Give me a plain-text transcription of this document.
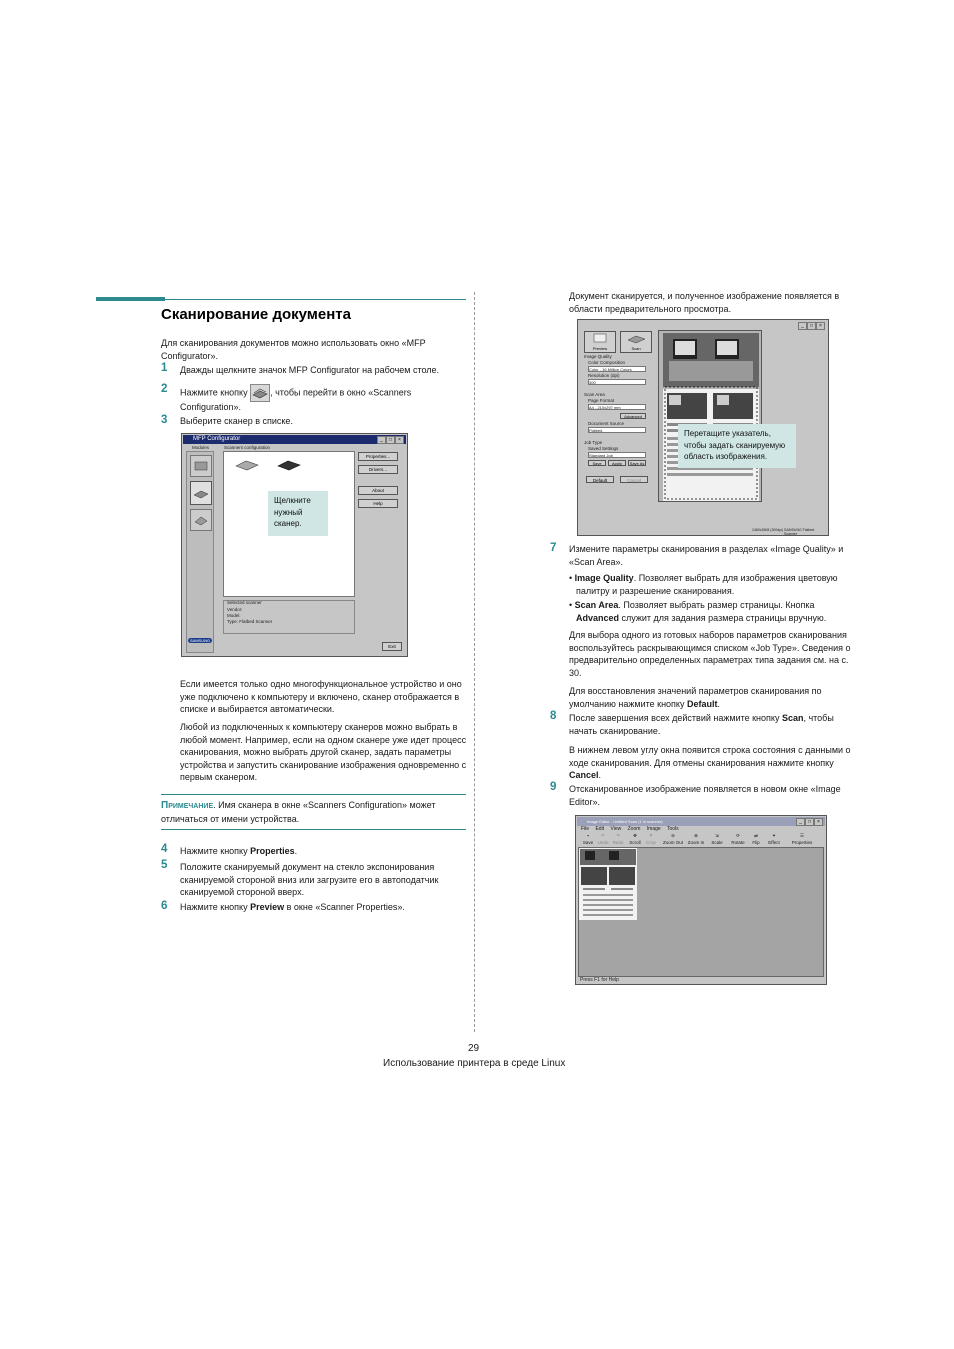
Сканирование документа
Для сканирования документов можно использовать окно «MFP Configurator».
1 Дважды щелкните значок MFP Configurator на рабочем столе.
2 Нажмите кнопку	, чтобы перейти в окно «Scanners
Configuration».
3 Выберите сканер в списке.
MFP Configurator	_	□	×
Modules	Scanners configuration
SAMSUNG
Щелкните
нужный
сканер.
Properties...
Drivers...
About
Help
Selected scanner
Vendor:
Model:
Type: Flatbed Scanner
Exit
Если имеется только одно многофункциональное устройство и оно уже подключено к компьютеру и включено, сканер отображается в списке и выбирается автоматически.
Любой из подключенных к компьютеру сканеров можно выбрать в любой момент. Например, если на одном сканере уже идет процесс сканирования, можно выбрать другой сканер, задать параметры устройства и запустить сканирование изображения одновременно с первым сканером.
Примечание. Имя сканера в окне «Scanners Configuration» может отличаться от имени устройства.
4 Нажмите кнопку Properties.
5 Положите сканируемый документ на стекло экспонирования сканируемой стороной вниз или загрузите его в автоподатчик сканируемой стороной вверх.
6 Нажмите кнопку Preview в окне «Scanner Properties».
Документ сканируется, и полученное изображение появляется в области предварительного просмотра.
_	□	×
Preview	Scan
Image Quality
Color Composition
Color - 16 Million Colors
Resolution (dpi)
300
Scan Area
Page Format
A4 - 210x297 mm
Advanced
Document Source
Flatbed
Job Type
Saved Settings
Standard Job
Save	Apply	Save As
Default	Cancel
Перетащите указатель,
чтобы задать сканируемую
область изображения.
2480x3508 (300dpi) SAMSUNG Flatbed Scanner
7 Измените параметры сканирования в разделах «Image Quality» и «Scan Area».
• Image Quality. Позволяет выбрать для изображения цветовую палитру и разрешение сканирования.
• Scan Area. Позволяет выбрать размер страницы. Кнопка Advanced служит для задания размера страницы вручную.
Для выбора одного из готовых наборов параметров сканирования воспользуйтесь раскрывающимся списком «Job Type». Сведения о предварительно определенных параметрах типа задания см. на с. 30.
Для восстановления значений параметров сканирования по умолчанию нажмите кнопку Default.
8 После завершения всех действий нажмите кнопку Scan, чтобы начать сканирование.
В нижнем левом углу окна появится строка состояния с данными о ходе сканирования. Для отмены сканирования нажмите кнопку Cancel.
9 Отсканированное изображение появляется в новом окне «Image Editor».
Image Editor - Untitled Scan (1 in scanner)	_	□	×
File Edit View Zoom Image Tools
▪
Save
↶
Undo
↷
Redo
✥
Scroll
⌗
Crop
⊖
Zoom Out
⊕
Zoom In
⇲
Scale
⟳
Rotate
⇄
Flip
✦
Effect
☰
Properties
Press F1 for Help
29
Использование принтера в среде Linux
